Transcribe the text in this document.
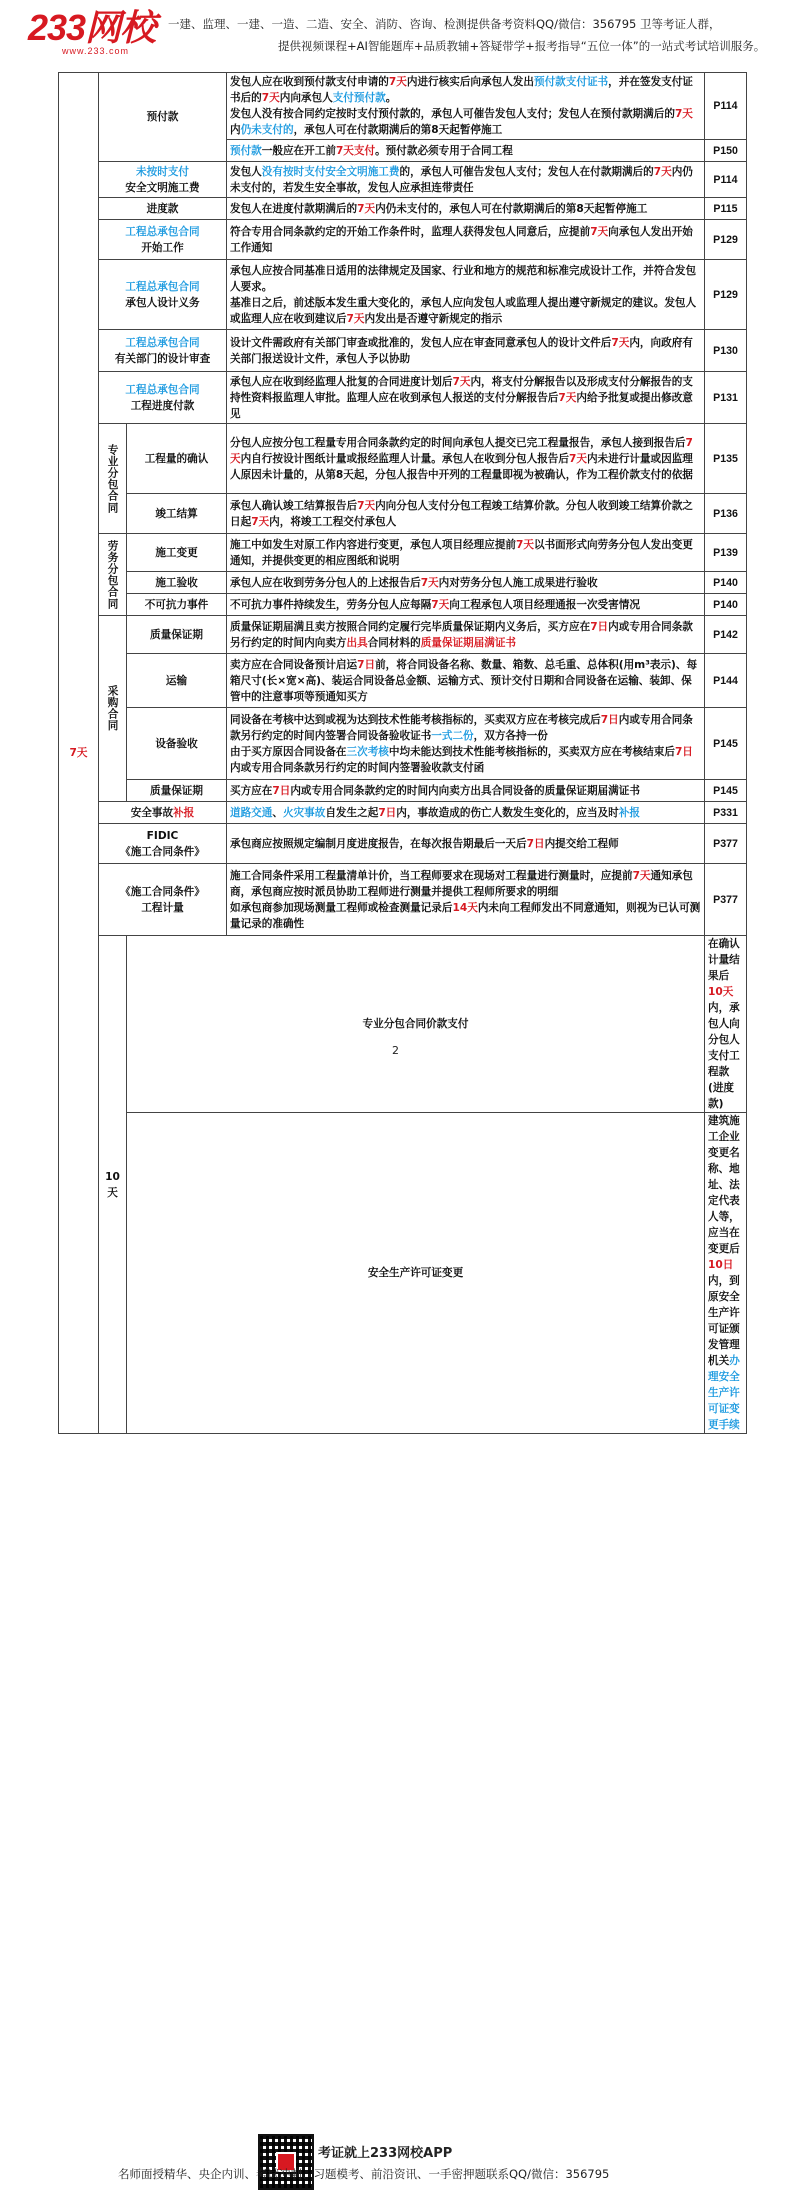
233网校
www.233.com
一建、监理、一建、一造、二造、安全、消防、咨询、检测提供备考资料QQ/微信：356795 卫等考证人群，
提供视频课程+AI智能题库+品质教辅+答疑带学+报考指导“五位一体”的一站式考试培训服务。
7天	预付款		发包人应在收到预付款支付申请的7天内进行核实后向承包人发出预付款支付证书，并在签发支付证书后的7天内向承包人支付预付款。
发包人没有按合同约定按时支付预付款的，承包人可催告发包人支付；发包人在预付款期满后的7天内仍未支付的，承包人可在付款期满后的第8天起暂停施工	P114	
			预付款一般应在开工前7天支付。预付款必须专用于合同工程	P150	
	未按时支付
安全文明施工费		发包人没有按时支付安全文明施工费的，承包人可催告发包人支付；发包人在付款期满后的7天内仍未支付的，若发生安全事故，发包人应承担连带责任	P114	
	进度款		发包人在进度付款期满后的7天内仍未支付的，承包人可在付款期满后的第8天起暂停施工	P115	
	工程总承包合同
开始工作		符合专用合同条款约定的开始工作条件时，监理人获得发包人同意后，应提前7天向承包人发出开始工作通知	P129	
	工程总承包合同
承包人设计义务		承包人应按合同基准日适用的法律规定及国家、行业和地方的规范和标准完成设计工作，并符合发包人要求。
基准日之后，前述版本发生重大变化的，承包人应向发包人或监理人提出遵守新规定的建议。发包人或监理人应在收到建议后7天内发出是否遵守新规定的指示	P129	
	工程总承包合同
有关部门的设计审查		设计文件需政府有关部门审查或批准的，发包人应在审查同意承包人的设计文件后7天内，向政府有关部门报送设计文件，承包人予以协助	P130	
	工程总承包合同
工程进度付款		承包人应在收到经监理人批复的合同进度计划后7天内，将支付分解报告以及形成支付分解报告的支持性资料报监理人审批。监理人应在收到承包人报送的支付分解报告后7天内给予批复或提出修改意见	P131	
	专业分包合同	工程量的确认	分包人应按分包工程量专用合同条款约定的时间向承包人提交已完工程量报告，承包人接到报告后7天内自行按设计图纸计量或报经监理人计量。承包人在收到分包人报告后7天内未进行计量或因监理人原因未计量的，从第8天起，分包人报告中开列的工程量即视为被确认，作为工程价款支付的依据	P135	
		竣工结算	承包人确认竣工结算报告后7天内向分包人支付分包工程竣工结算价款。分包人收到竣工结算价款之日起7天内，将竣工工程交付承包人	P136	
	劳务分包合同	施工变更	施工中如发生对原工作内容进行变更，承包人项目经理应提前7天以书面形式向劳务分包人发出变更通知，并提供变更的相应图纸和说明	P139	
		施工验收	承包人应在收到劳务分包人的上述报告后7天内对劳务分包人施工成果进行验收	P140	
		不可抗力事件	不可抗力事件持续发生，劳务分包人应每隔7天向工程承包人项目经理通报一次受害情况	P140	
	采购合同	质量保证期	质量保证期届满且卖方按照合同约定履行完毕质量保证期内义务后，买方应在7日内或专用合同条款另行约定的时间内向卖方出具合同材料的质量保证期届满证书	P142	
		运输	卖方应在合同设备预计启运7日前，将合同设备名称、数量、箱数、总毛重、总体积(用m³表示)、每箱尺寸(长×宽×高)、装运合同设备总金额、运输方式、预计交付日期和合同设备在运输、装卸、保管中的注意事项等预通知买方	P144	
		设备验收	同设备在考核中达到或视为达到技术性能考核指标的，买卖双方应在考核完成后7日内或专用合同条款另行约定的时间内签署合同设备验收证书一式二份，双方各持一份
由于买方原因合同设备在三次考核中均未能达到技术性能考核指标的，买卖双方应在考核结束后7日内或专用合同条款另行约定的时间内签署验收款支付函	P145	
		质量保证期	买方应在7日内或专用合同条款约定的时间内向卖方出具合同设备的质量保证期届满证书	P145	
	安全事故补报		道路交通、火灾事故自发生之起7日内，事故造成的伤亡人数发生变化的，应当及时补报	P331	
	FIDIC
《施工合同条件》		承包商应按照规定编制月度进度报告，在每次报告期最后一天后7日内提交给工程师	P377	
	《施工合同条件》
工程计量		施工合同条件采用工程量清单计价，当工程师要求在现场对工程量进行测量时，应提前7天通知承包商，承包商应按时派员协助工程师进行测量并提供工程师所要求的明细
如承包商参加现场测量工程师或检查测量记录后14天内未向工程师发出不同意通知，则视为已认可测量记录的准确性	P377	
	10天	专业分包合同价款支付		在确认计量结果后10天内，承包人向分包人支付工程款(进度款)	
		安全生产许可证变更		建筑施工企业变更名称、地址、法定代表人等，应当在变更后10日内，到原安全生产许可证颁发管理机关办理安全生产许可证变更手续	
2
考证就上233网校APP
名师面授精华、央企内训、考试冲刺、习题模考、前沿资讯、一手密押题联系QQ/微信：356795
